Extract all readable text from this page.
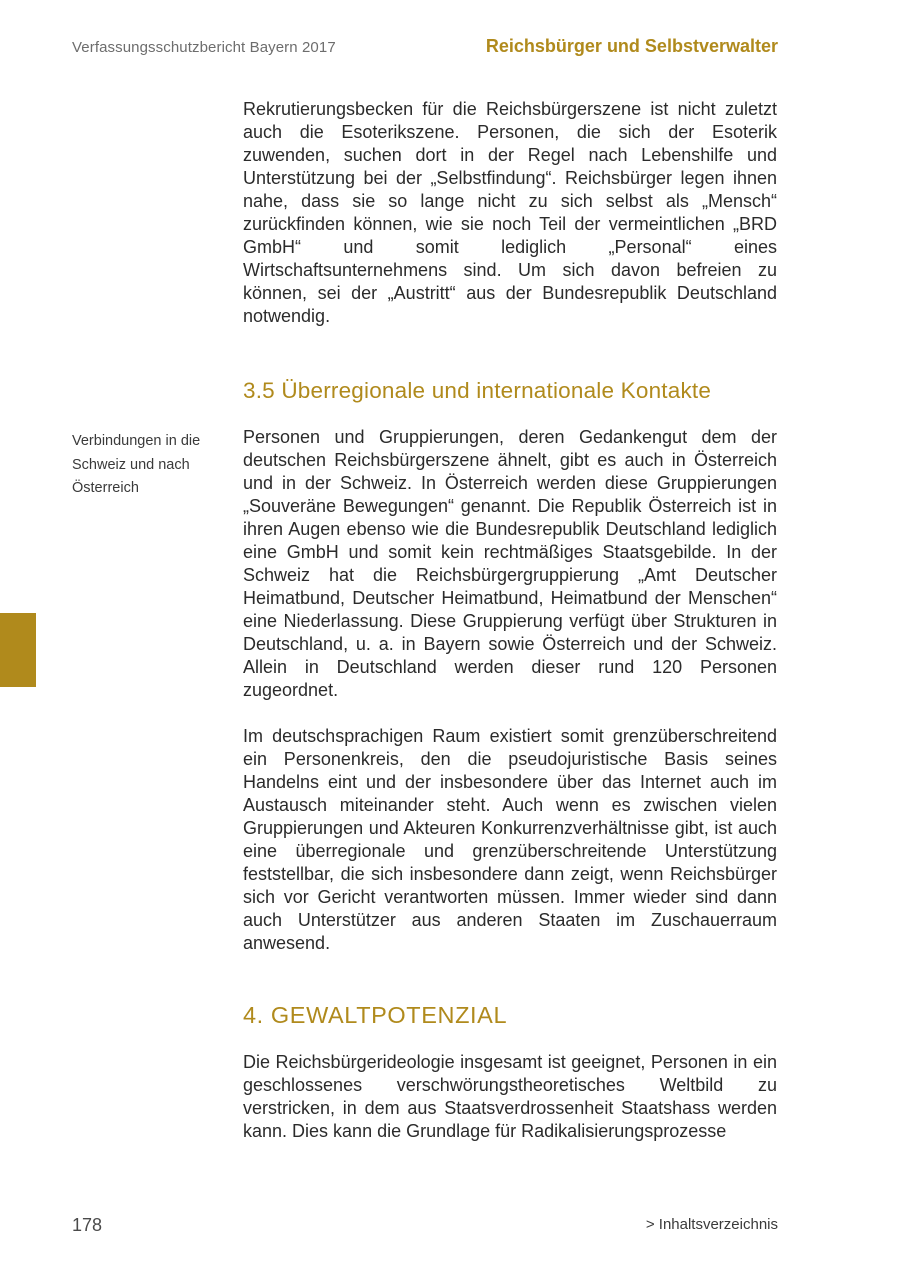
Verfassungsschutzbericht Bayern 2017	Reichsbürger und Selbstverwalter
Verbindungen in die Schweiz und nach Österreich

Rekrutierungsbecken für die Reichsbürgerszene ist nicht zuletzt auch die Esoterikszene. Personen, die sich der Esoterik zuwenden, suchen dort in der Regel nach Lebenshilfe und Unterstützung bei der „Selbstfindung“. Reichsbürger legen ihnen nahe, dass sie so lange nicht zu sich selbst als „Mensch“ zurückfinden können, wie sie noch Teil der vermeintlichen „BRD GmbH“ und somit lediglich „Personal“ eines Wirtschaftsunternehmens sind. Um sich davon befreien zu können, sei der „Austritt“ aus der Bundesrepublik Deutschland notwendig.

3.5 Überregionale und internationale Kontakte

Personen und Gruppierungen, deren Gedankengut dem der deutschen Reichsbürgerszene ähnelt, gibt es auch in Österreich und in der Schweiz. In Österreich werden diese Gruppierungen „Souveräne Bewegungen“ genannt. Die Republik Österreich ist in ihren Augen ebenso wie die Bundesrepublik Deutschland lediglich eine GmbH und somit kein rechtmäßiges Staatsgebilde. In der Schweiz hat die Reichsbürgergruppierung „Amt Deutscher Heimatbund, Deutscher Heimatbund, Heimatbund der Menschen“ eine Niederlassung. Diese Gruppierung verfügt über Strukturen in Deutschland, u. a. in Bayern sowie Österreich und der Schweiz. Allein in Deutschland werden dieser rund 120 Personen zugeordnet.

Im deutschsprachigen Raum existiert somit grenzüberschreitend ein Personenkreis, den die pseudojuristische Basis seines Handelns eint und der insbesondere über das Internet auch im Austausch miteinander steht. Auch wenn es zwischen vielen Gruppierungen und Akteuren Konkurrenzverhältnisse gibt, ist auch eine überregionale und grenzüberschreitende Unterstützung feststellbar, die sich insbesondere dann zeigt, wenn Reichsbürger sich vor Gericht verantworten müssen. Immer wieder sind dann auch Unterstützer aus anderen Staaten im Zuschauerraum anwesend.

4. GEWALTPOTENZIAL

Die Reichsbürgerideologie insgesamt ist geeignet, Personen in ein geschlossenes verschwörungstheoretisches Weltbild zu verstricken, in dem aus Staatsverdrossenheit Staatshass werden kann. Dies kann die Grundlage für Radikalisierungsprozesse

178	> Inhaltsverzeichnis
